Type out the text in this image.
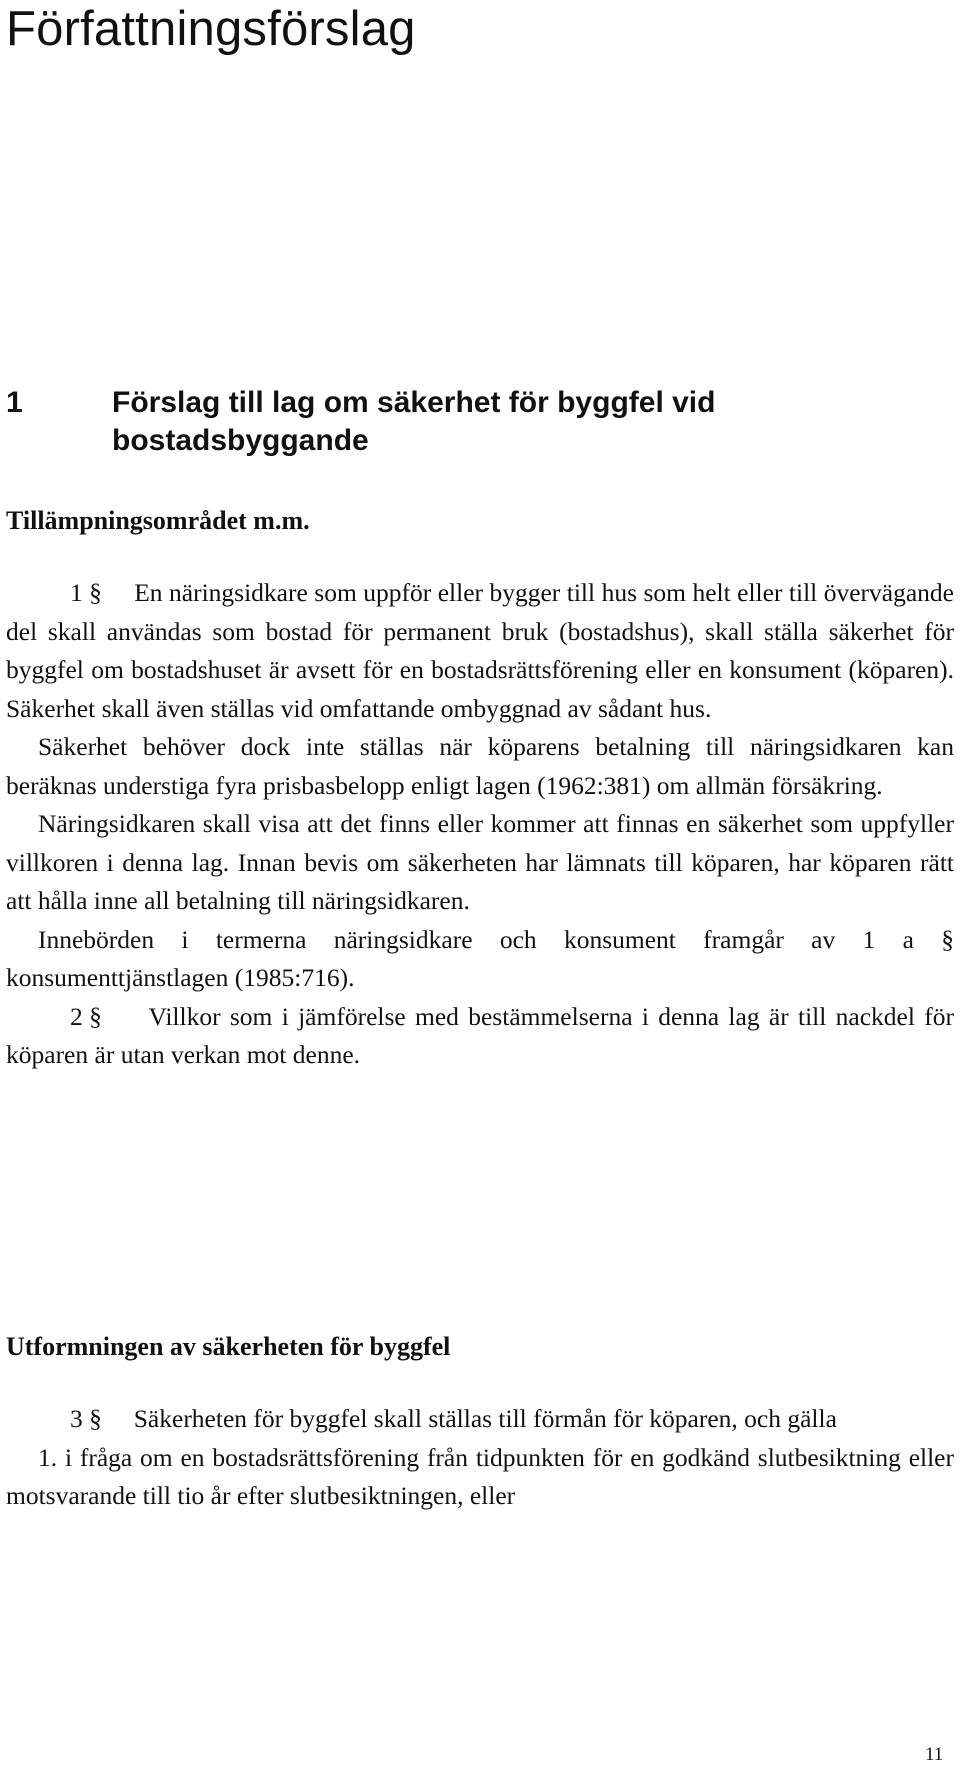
Författningsförslag
1	Förslag till lag om säkerhet för byggfel vid bostadsbyggande
Tillämpningsområdet m.m.

1 § En näringsidkare som uppför eller bygger till hus som helt eller till övervägande del skall användas som bostad för permanent bruk (bostadshus), skall ställa säkerhet för byggfel om bostadshuset är avsett för en bostadsrättsförening eller en konsument (köparen). Säkerhet skall även ställas vid omfattande ombyggnad av sådant hus.

Säkerhet behöver dock inte ställas när köparens betalning till näringsidkaren kan beräknas understiga fyra prisbasbelopp enligt lagen (1962:381) om allmän försäkring.

Näringsidkaren skall visa att det finns eller kommer att finnas en säkerhet som uppfyller villkoren i denna lag. Innan bevis om säkerheten har lämnats till köparen, har köparen rätt att hålla inne all betalning till näringsidkaren.

Innebörden i termerna näringsidkare och konsument framgår av 1 a § konsumenttjänstlagen (1985:716).

2 § Villkor som i jämförelse med bestämmelserna i denna lag är till nackdel för köparen är utan verkan mot denne.

Utformningen av säkerheten för byggfel

3 § Säkerheten för byggfel skall ställas till förmån för köparen, och gälla

1. i fråga om en bostadsrättsförening från tidpunkten för en godkänd slutbesiktning eller motsvarande till tio år efter slutbesiktningen, eller

11
